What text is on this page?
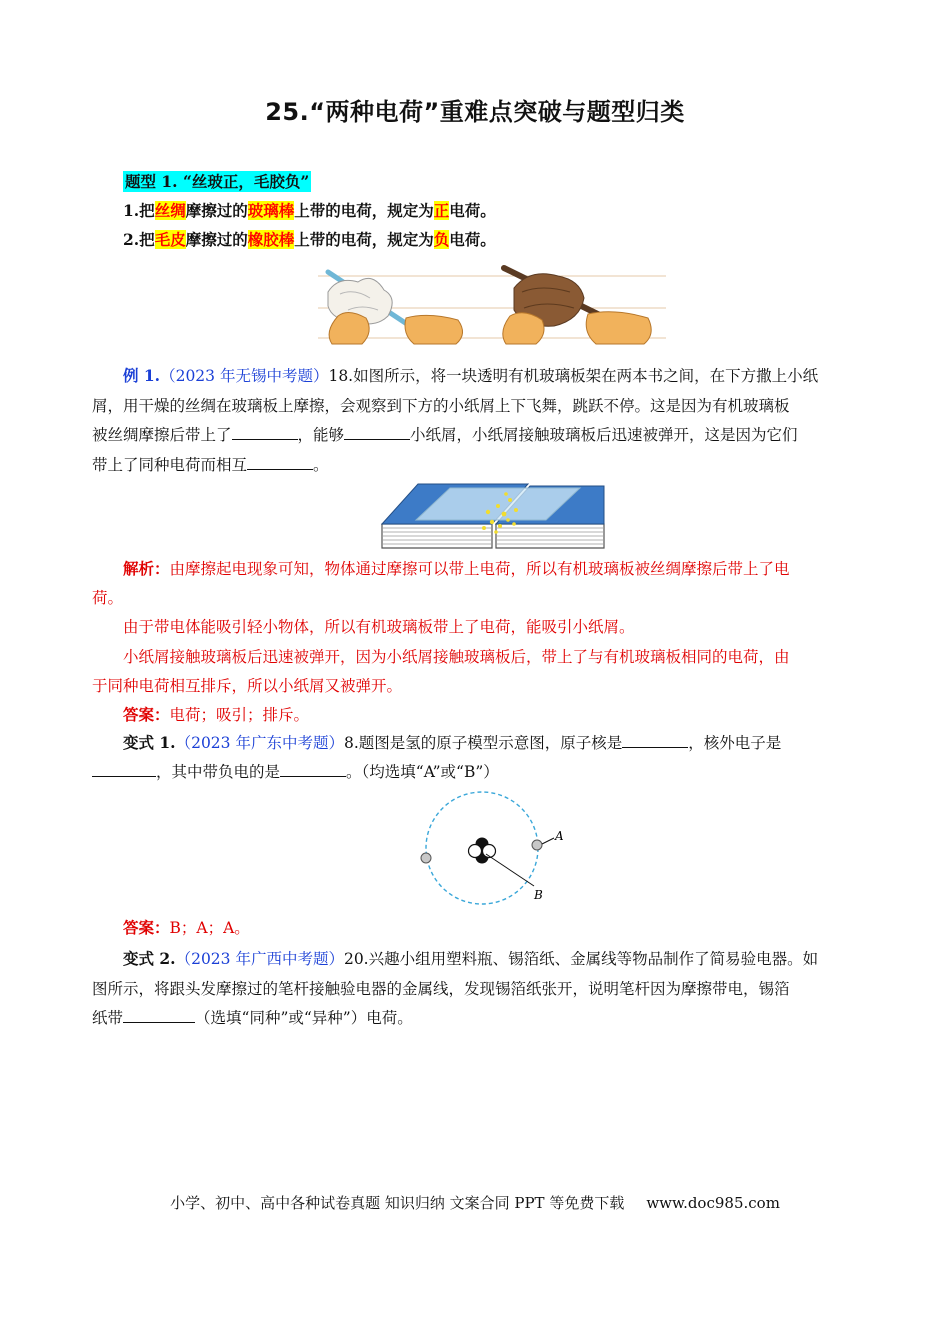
25.“两种电荷”重难点突破与题型归类
题型 1. “丝玻正，毛胶负”
1.把丝绸摩擦过的玻璃棒上带的电荷，规定为正电荷。
2.把毛皮摩擦过的橡胶棒上带的电荷，规定为负电荷。
例 1.（2023 年无锡中考题）18.如图所示，将一块透明有机玻璃板架在两本书之间，在下方撒上小纸
屑，用干燥的丝绸在玻璃板上摩擦，会观察到下方的小纸屑上下飞舞，跳跃不停。这是因为有机玻璃板
被丝绸摩擦后带上了	，能够	小纸屑，小纸屑接触玻璃板后迅速被弹开，这是因为它们
带上了同种电荷而相互	。
解析：由摩擦起电现象可知，物体通过摩擦可以带上电荷，所以有机玻璃板被丝绸摩擦后带上了电
荷。
由于带电体能吸引轻小物体，所以有机玻璃板带上了电荷，能吸引小纸屑。
小纸屑接触玻璃板后迅速被弹开，因为小纸屑接触玻璃板后，带上了与有机玻璃板相同的电荷，由
于同种电荷相互排斥，所以小纸屑又被弹开。
答案：电荷；吸引；排斥。
变式 1.（2023 年广东中考题）8.题图是氢的原子模型示意图，原子核是	，核外电子是
，其中带负电的是	。（均选填“A”或“B”）
A
B
答案：B；A；A。
变式 2.（2023 年广西中考题）20.兴趣小组用塑料瓶、锡箔纸、金属线等物品制作了简易验电器。如
图所示，将跟头发摩擦过的笔杆接触验电器的金属线，发现锡箔纸张开，说明笔杆因为摩擦带电，锡箔
纸带	（选填“同种”或“异种”）电荷。
小学、初中、高中各种试卷真题 知识归纳 文案合同 PPT 等免费下载 www.doc985.com
